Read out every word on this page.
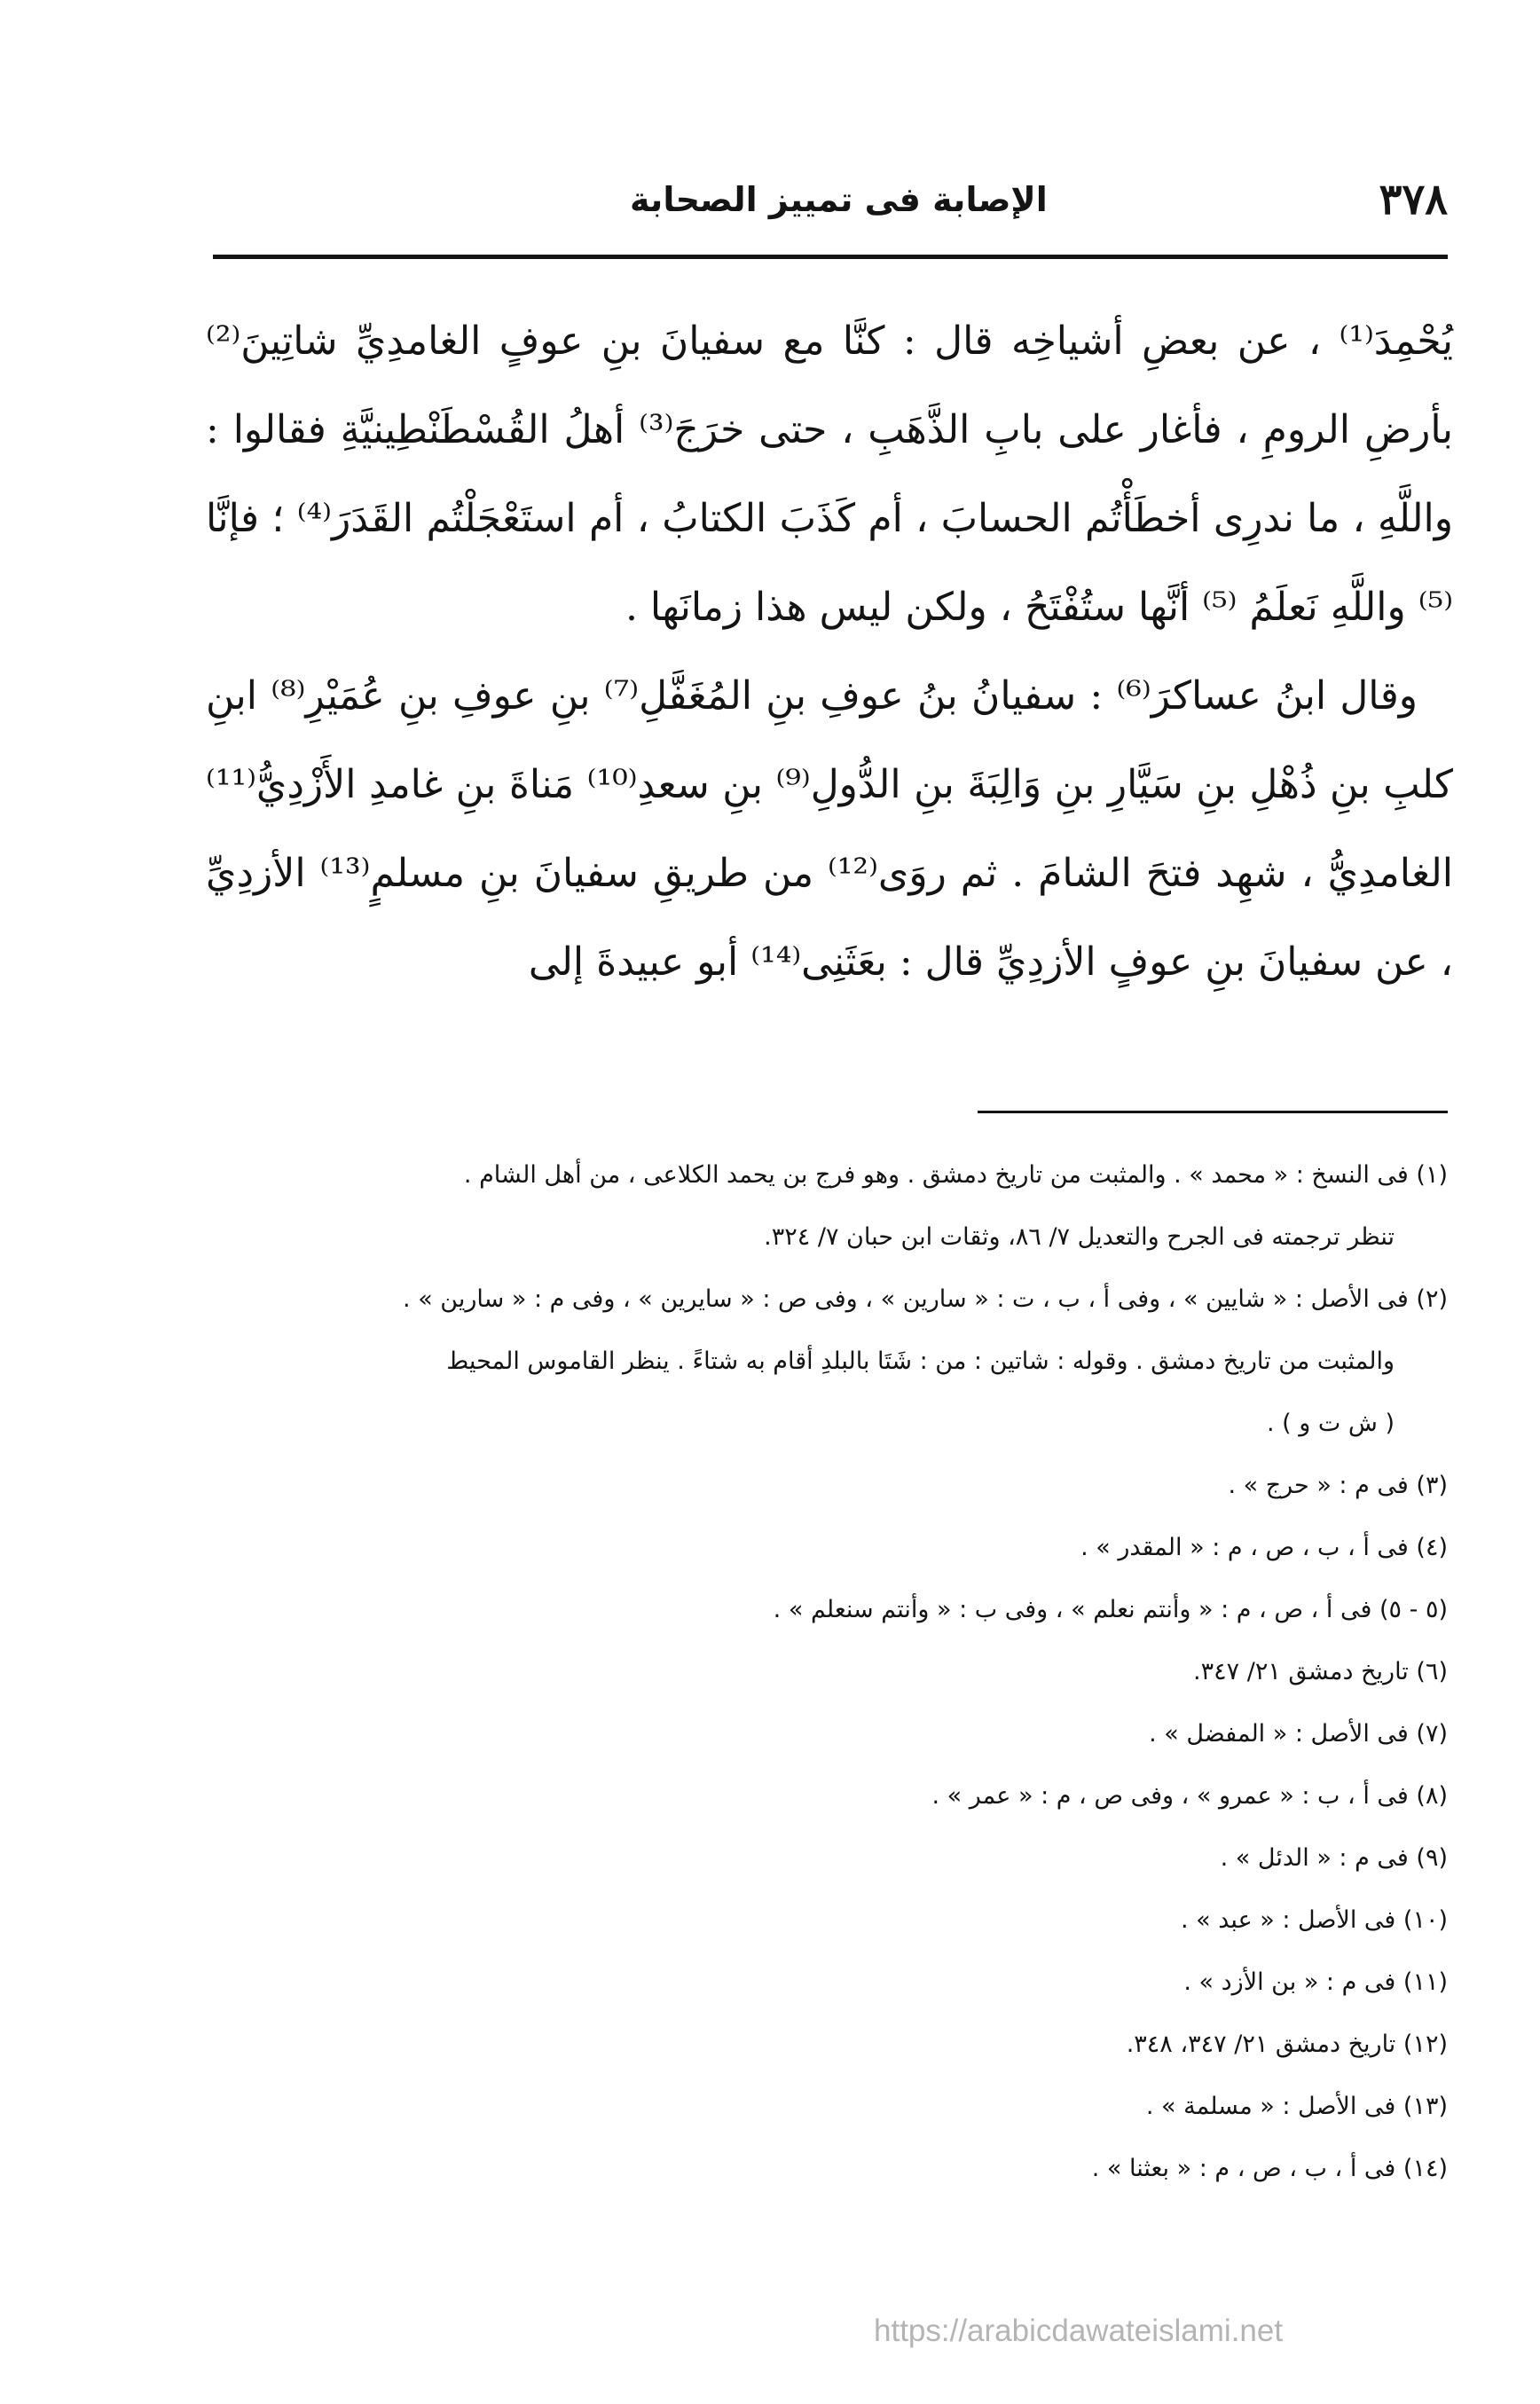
٣٧٨
الإصابة فى تمييز الصحابة

يُحْمِدَ⁽¹⁾ ، عن بعضِ أشياخِه قال : كنَّا مع سفيانَ بنِ عوفٍ الغامدِيِّ شاتِينَ⁽²⁾ بأرضِ الرومِ ، فأغار على بابِ الذَّهَبِ ، حتى خرَجَ⁽³⁾ أهلُ القُسْطَنْطِينيَّةِ فقالوا : واللَّهِ ، ما ندرِى أخطَأْتُم الحسابَ ، أم كَذَبَ الكتابُ ، أم استَعْجَلْتُم القَدَرَ⁽⁴⁾ ؛ فإنَّا ⁽⁵⁾ واللَّهِ نَعلَمُ ⁽⁵⁾ أنَّها ستُفْتَحُ ، ولكن ليس هذا زمانَها .

وقال ابنُ عساكرَ⁽⁶⁾ : سفيانُ بنُ عوفِ بنِ المُغَفَّلِ⁽⁷⁾ بنِ عوفِ بنِ عُمَيْرِ⁽⁸⁾ ابنِ كلبِ بنِ ذُهْلِ بنِ سَيَّارِ بنِ وَالِبَةَ بنِ الدُّولِ⁽⁹⁾ بنِ سعدِ⁽¹⁰⁾ مَناةَ بنِ غامدِ الأَزْدِيُّ⁽¹¹⁾ الغامدِيُّ ، شهِد فتحَ الشامَ . ثم روَى⁽¹²⁾ من طريقِ سفيانَ بنِ مسلمٍ⁽¹³⁾ الأزدِيِّ ، عن سفيانَ بنِ عوفٍ الأزدِيِّ قال : بعَثَنِى⁽¹⁴⁾ أبو عبيدةَ إلى

(١) فى النسخ : « محمد » . والمثبت من تاريخ دمشق . وهو فرج بن يحمد الكلاعى ، من أهل الشام .
تنظر ترجمته فى الجرح والتعديل ٧/ ٨٦، وثقات ابن حبان ٧/ ٣٢٤.
(٢) فى الأصل : « شايين » ، وفى أ ، ب ، ت : « سارين » ، وفى ص : « سايرين » ، وفى م : « سارين » .
والمثبت من تاريخ دمشق . وقوله : شاتين : من : شَتَا بالبلدِ أقام به شتاءً . ينظر القاموس المحيط
( ش ت و ) .
(٣) فى م : « حرج » .
(٤) فى أ ، ب ، ص ، م : « المقدر » .
(٥ - ٥) فى أ ، ص ، م : « وأنتم نعلم » ، وفى ب : « وأنتم سنعلم » .
(٦) تاريخ دمشق ٢١/ ٣٤٧.
(٧) فى الأصل : « المفضل » .
(٨) فى أ ، ب : « عمرو » ، وفى ص ، م : « عمر » .
(٩) فى م : « الدئل » .
(١٠) فى الأصل : « عبد » .
(١١) فى م : « بن الأزد » .
(١٢) تاريخ دمشق ٢١/ ٣٤٧، ٣٤٨.
(١٣) فى الأصل : « مسلمة » .
(١٤) فى أ ، ب ، ص ، م : « بعثنا » .
https://arabicdawateislami.net
